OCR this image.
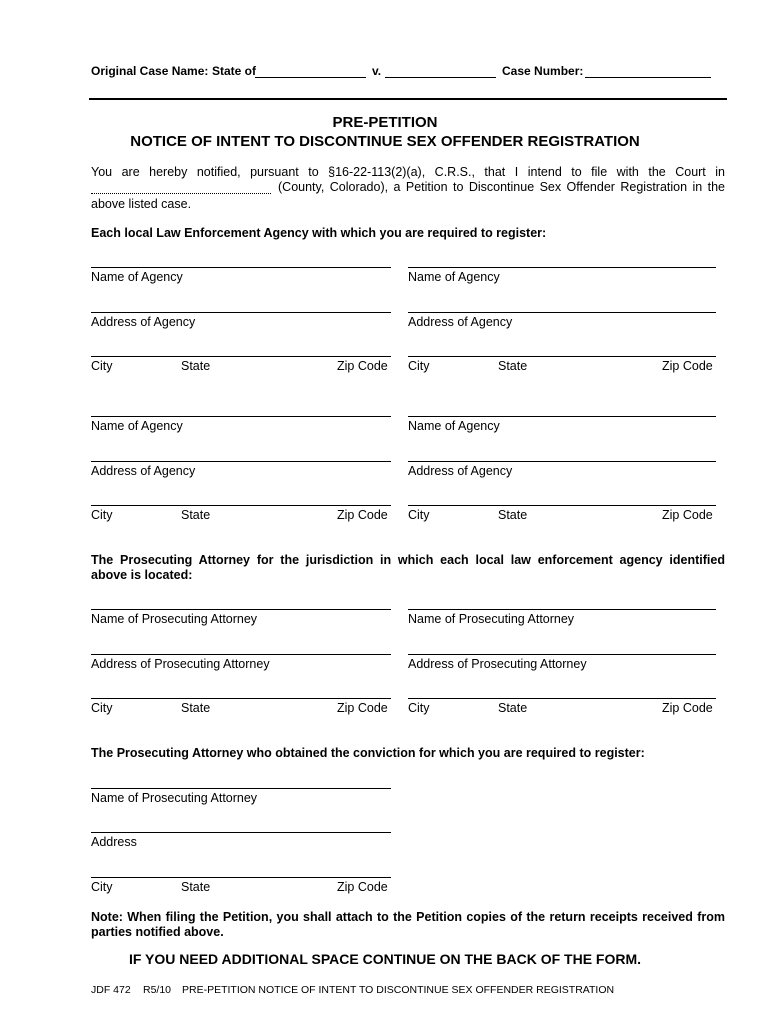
Original Case Name: State of	v.	Case Number:
PRE-PETITION
NOTICE OF INTENT TO DISCONTINUE SEX OFFENDER REGISTRATION
You are hereby notified, pursuant to §16-22-113(2)(a), C.R.S., that I intend to file with the Court in
(County, Colorado), a Petition to Discontinue Sex Offender Registration in the
above listed case.
Each local Law Enforcement Agency with which you are required to register:
Name of Agency
Address of Agency
City	State	Zip Code
Name of Agency
Address of Agency
City	State	Zip Code
Name of Agency
Address of Agency
City	State	Zip Code
Name of Agency
Address of Agency
City	State	Zip Code
The Prosecuting Attorney for the jurisdiction in which each local law enforcement agency identified
above is located:
Name of Prosecuting Attorney
Address of Prosecuting Attorney
City	State	Zip Code
Name of Prosecuting Attorney
Address of Prosecuting Attorney
City	State	Zip Code
The Prosecuting Attorney who obtained the conviction for which you are required to register:
Name of Prosecuting Attorney
Address
City	State	Zip Code
Note: When filing the Petition, you shall attach to the Petition copies of the return receipts received from
parties notified above.
IF YOU NEED ADDITIONAL SPACE CONTINUE ON THE BACK OF THE FORM.
JDF 472 R5/10 PRE-PETITION NOTICE OF INTENT TO DISCONTINUE SEX OFFENDER REGISTRATION
